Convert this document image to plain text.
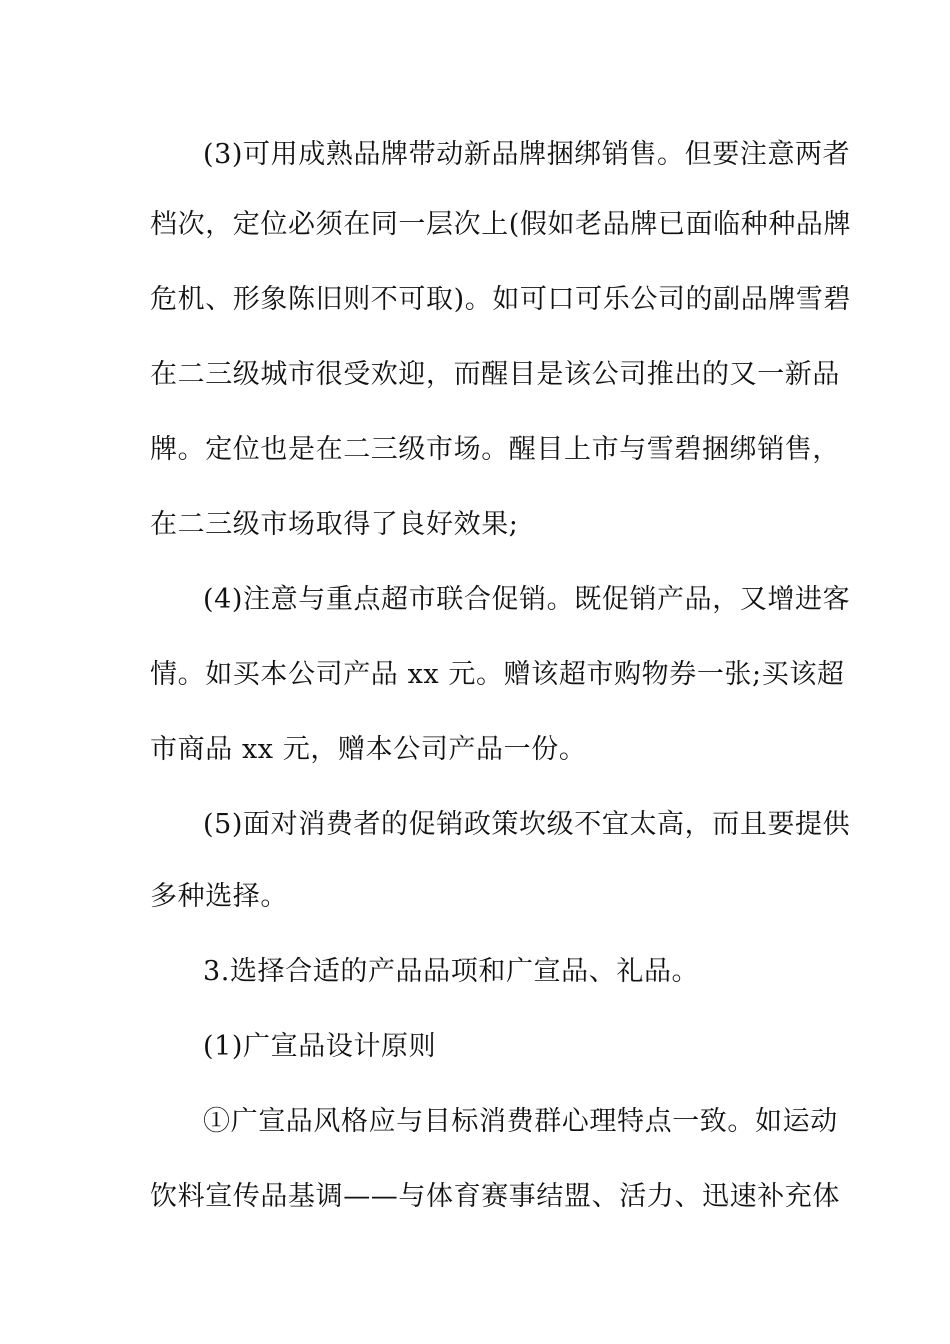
(3)可用成熟品牌带动新品牌捆绑销售。但要注意两者
档次，定位必须在同一层次上(假如老品牌已面临种种品牌
危机、形象陈旧则不可取)。如可口可乐公司的副品牌雪碧
在二三级城市很受欢迎，而醒目是该公司推出的又一新品
牌。定位也是在二三级市场。醒目上市与雪碧捆绑销售，
在二三级市场取得了良好效果;
(4)注意与重点超市联合促销。既促销产品，又增进客
情。如买本公司产品 xx 元。赠该超市购物券一张;买该超
市商品 xx 元，赠本公司产品一份。
(5)面对消费者的促销政策坎级不宜太高，而且要提供
多种选择。
3.选择合适的产品品项和广宣品、礼品。
(1)广宣品设计原则
①广宣品风格应与目标消费群心理特点一致。如运动
饮料宣传品基调——与体育赛事结盟、活力、迅速补充体
